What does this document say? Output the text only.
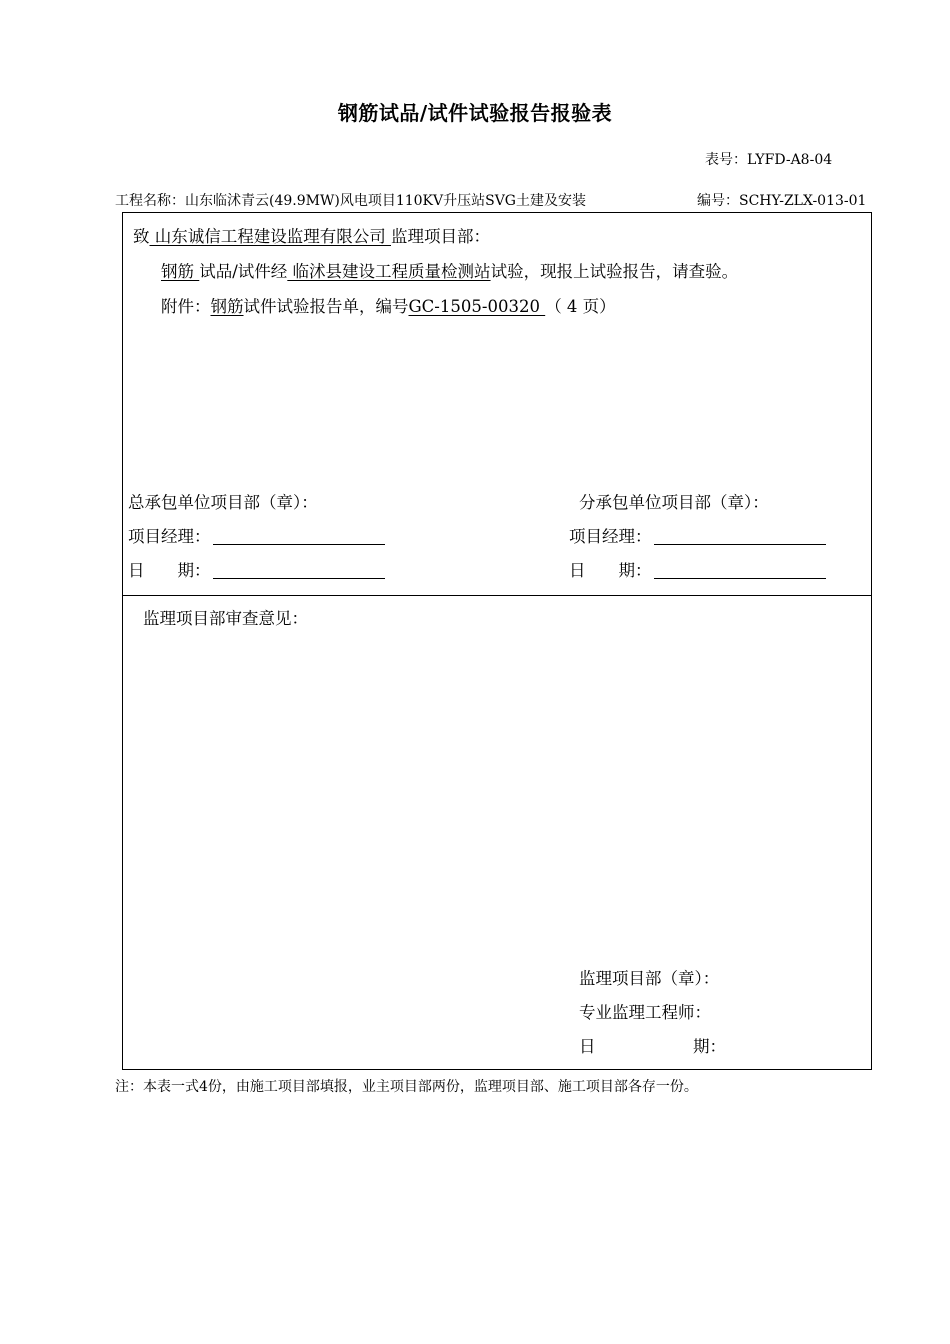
钢筋试品/试件试验报告报验表
表号：LYFD-A8-04
工程名称：山东临沭青云(49.9MW)风电项目110KV升压站SVG土建及安装	编号：SCHY-ZLX-013-01
致 山东诚信工程建设监理有限公司 监理项目部：
钢筋 试品/试件经 临沭县建设工程质量检测站试验，现报上试验报告，请查验。
附件：钢筋试件试验报告单，编号GC-1505-00320 （ 4 页）
总承包单位项目部（章）：	分承包单位项目部（章）：
项目经理：	项目经理：
日　　期：	日　　期：
监理项目部审查意见：
监理项目部（章）：
专业监理工程师：
日	期：
注：本表一式4份，由施工项目部填报，业主项目部两份，监理项目部、施工项目部各存一份。
